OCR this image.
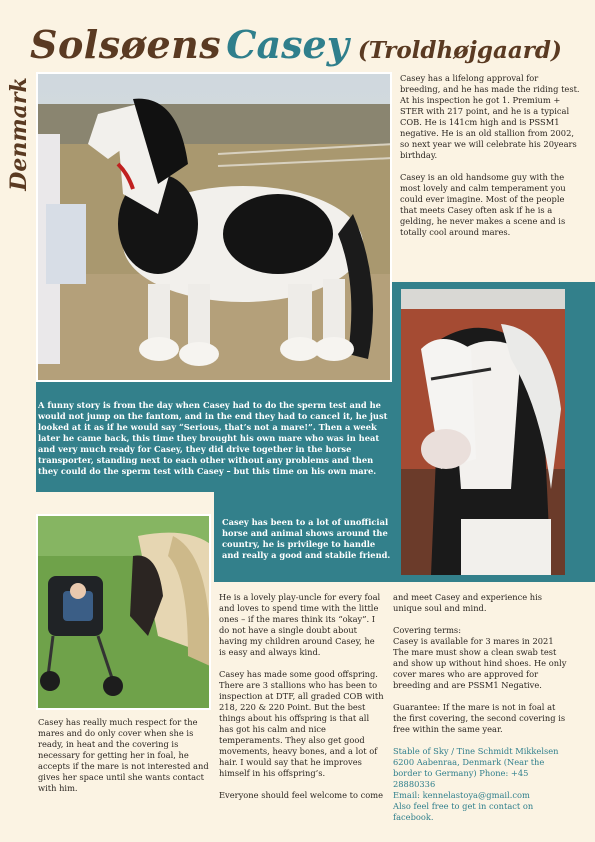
Solsøens Casey (Troldhøjgaard)
Denmark	Casey has a lifelong approval for breeding, and he has made the riding test. At his inspection he got 1. Premium + STER with 217 point, and he is a typical COB. He is 141cm high and is PSSM1 negative. He is an old stallion from 2002, so next year we will celebrate his 20years birthday.
Casey is an old handsome guy with the most lovely and calm temperament you could ever imagine. Most of the people that meets Casey often ask if he is a gelding, he never makes a scene and is totally cool around mares.
A funny story is from the day when Casey had to do the sperm test and he would not jump on the fantom, and in the end they had to cancel it, he just looked at it as if he would say “Serious, that’s not a mare!”. Then a week later he came back, this time they brought his own mare who was in heat and very much ready for Casey, they did drive together in the horse transporter, standing next to each other without any problems and then they could do the sperm test with Casey – but this time on his own mare.
Casey has been to a lot of unofficial horse and animal shows around the country, he is privilege to handle and really a good and stabile friend.
Casey has really much respect for the mares and do only cover when she is ready, in heat and the covering is necessary for getting her in foal, he accepts if the mare is not interested and gives her space until she wants contact with him.
He is a lovely play-uncle for every foal and loves to spend time with the little ones – if the mares think its “okay”. I do not have a single doubt about having my children around Casey, he is easy and always kind.
Casey has made some good offspring. There are 3 stallions who has been to inspection at DTF, all graded COB with 218, 220 & 220 Point. But the best things about his offspring is that all has got his calm and nice temperaments. They also get good movements, heavy bones, and a lot of hair. I would say that he improves himself in his offspring’s.
Everyone should feel welcome to come
and meet Casey and experience his unique soul and mind.
Covering terms:
Casey is available for 3 mares in 2021
The mare must show a clean swab test and show up without hind shoes. He only cover mares who are approved for breeding and are PSSM1 Negative.
Guarantee: If the mare is not in foal at the first covering, the second covering is free within the same year.
Stable of Sky / Tine Schmidt Mikkelsen
6200 Aabenraa, Denmark (Near the border to Germany) Phone: +45 28880336
Email: kennelastoya@gmail.com
Also feel free to get in contact on facebook.
